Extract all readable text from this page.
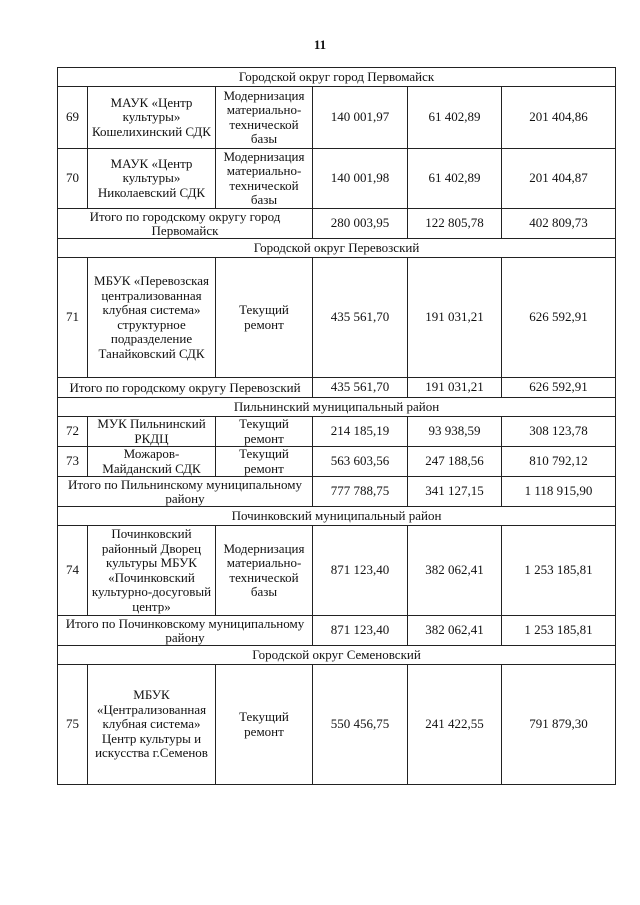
11
Городской округ город Первомайск					
69	МАУК «Центр культуры» Кошелихинский СДК	Модернизация материально-технической базы	140 001,97	61 402,89	201 404,86
70	МАУК «Центр культуры» Николаевский СДК	Модернизация материально-технической базы	140 001,98	61 402,89	201 404,87
Итого по городскому округу город Первомайск			280 003,95	122 805,78	402 809,73
Городской округ Перевозский					
71	МБУК «Перевозская централизованная клубная система» структурное подразделение Танайковский СДК	Текущий ремонт	435 561,70	191 031,21	626 592,91
Итого по городскому округу Перевозский			435 561,70	191 031,21	626 592,91
Пильнинский муниципальный район					
72	МУК Пильнинский РКДЦ	Текущий ремонт	214 185,19	93 938,59	308 123,78
73	Можаров-Майданский СДК	Текущий ремонт	563 603,56	247 188,56	810 792,12
Итого по Пильнинскому муниципальному району			777 788,75	341 127,15	1 118 915,90
Починковский муниципальный район					
74	Починковский районный Дворец культуры МБУК «Починковский культурно-досуговый центр»	Модернизация материально-технической базы	871 123,40	382 062,41	1 253 185,81
Итого по Починковскому муниципальному району			871 123,40	382 062,41	1 253 185,81
Городской округ Семеновский					
75	МБУК «Централизованная клубная система» Центр культуры и искусства г.Семенов	Текущий ремонт	550 456,75	241 422,55	791 879,30
